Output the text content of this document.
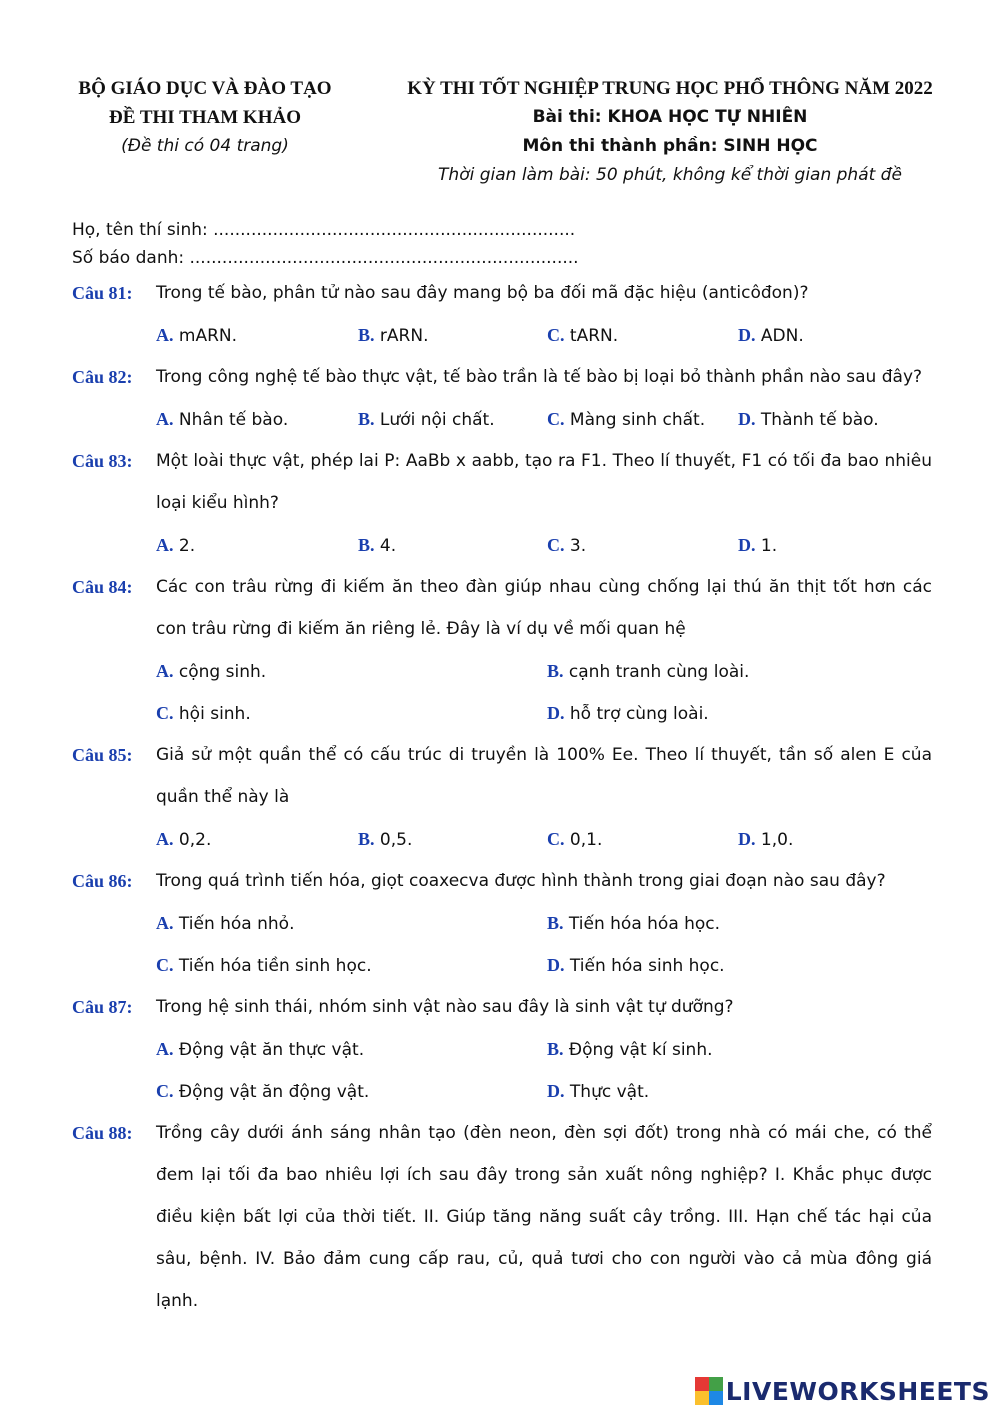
BỘ GIÁO DỤC VÀ ĐÀO TẠO
ĐỀ THI THAM KHẢO
(Đề thi có 04 trang)
KỲ THI TỐT NGHIỆP TRUNG HỌC PHỔ THÔNG NĂM 2022
Bài thi: KHOA HỌC TỰ NHIÊN
Môn thi thành phần: SINH HỌC
Thời gian làm bài: 50 phút, không kể thời gian phát đề
Họ, tên thí sinh: ...................................................................
Số báo danh: ........................................................................
Câu 81:	Trong tế bào, phân tử nào sau đây mang bộ ba đối mã đặc hiệu (anticôđon)?
A. mARN.	B. rARN.	C. tARN.	D. ADN.
Câu 82:	Trong công nghệ tế bào thực vật, tế bào trần là tế bào bị loại bỏ thành phần nào sau đây?
A. Nhân tế bào.	B. Lưới nội chất.	C. Màng sinh chất. D. Thành tế bào.
Câu 83:	Một loài thực vật, phép lai P: AaBb x aabb, tạo ra F1. Theo lí thuyết, F1 có tối đa bao nhiêu loại kiểu hình?
A. 2.	B. 4.	C. 3.	D. 1.
Câu 84:	Các con trâu rừng đi kiếm ăn theo đàn giúp nhau cùng chống lại thú ăn thịt tốt hơn các con trâu rừng đi kiếm ăn riêng lẻ. Đây là ví dụ về mối quan hệ
A. cộng sinh.	B. cạnh tranh cùng loài.
C. hội sinh.	D. hỗ trợ cùng loài.
Câu 85:	Giả sử một quần thể có cấu trúc di truyền là 100% Ee. Theo lí thuyết, tần số alen E của quần thể này là
A. 0,2.	B. 0,5.	C. 0,1.	D. 1,0.
Câu 86:	Trong quá trình tiến hóa, giọt coaxecva được hình thành trong giai đoạn nào sau đây?
A. Tiến hóa nhỏ.	B. Tiến hóa hóa học.
C. Tiến hóa tiền sinh học.	D. Tiến hóa sinh học.
Câu 87:	Trong hệ sinh thái, nhóm sinh vật nào sau đây là sinh vật tự dưỡng?
A. Động vật ăn thực vật.	B. Động vật kí sinh.
C. Động vật ăn động vật.	D. Thực vật.
Câu 88:	Trồng cây dưới ánh sáng nhân tạo (đèn neon, đèn sợi đốt) trong nhà có mái che, có thể đem lại tối đa bao nhiêu lợi ích sau đây trong sản xuất nông nghiệp? I. Khắc phục được điều kiện bất lợi của thời tiết. II. Giúp tăng năng suất cây trồng. III. Hạn chế tác hại của sâu, bệnh. IV. Bảo đảm cung cấp rau, củ, quả tươi cho con người vào cả mùa đông giá lạnh.
LIVEWORKSHEETS
